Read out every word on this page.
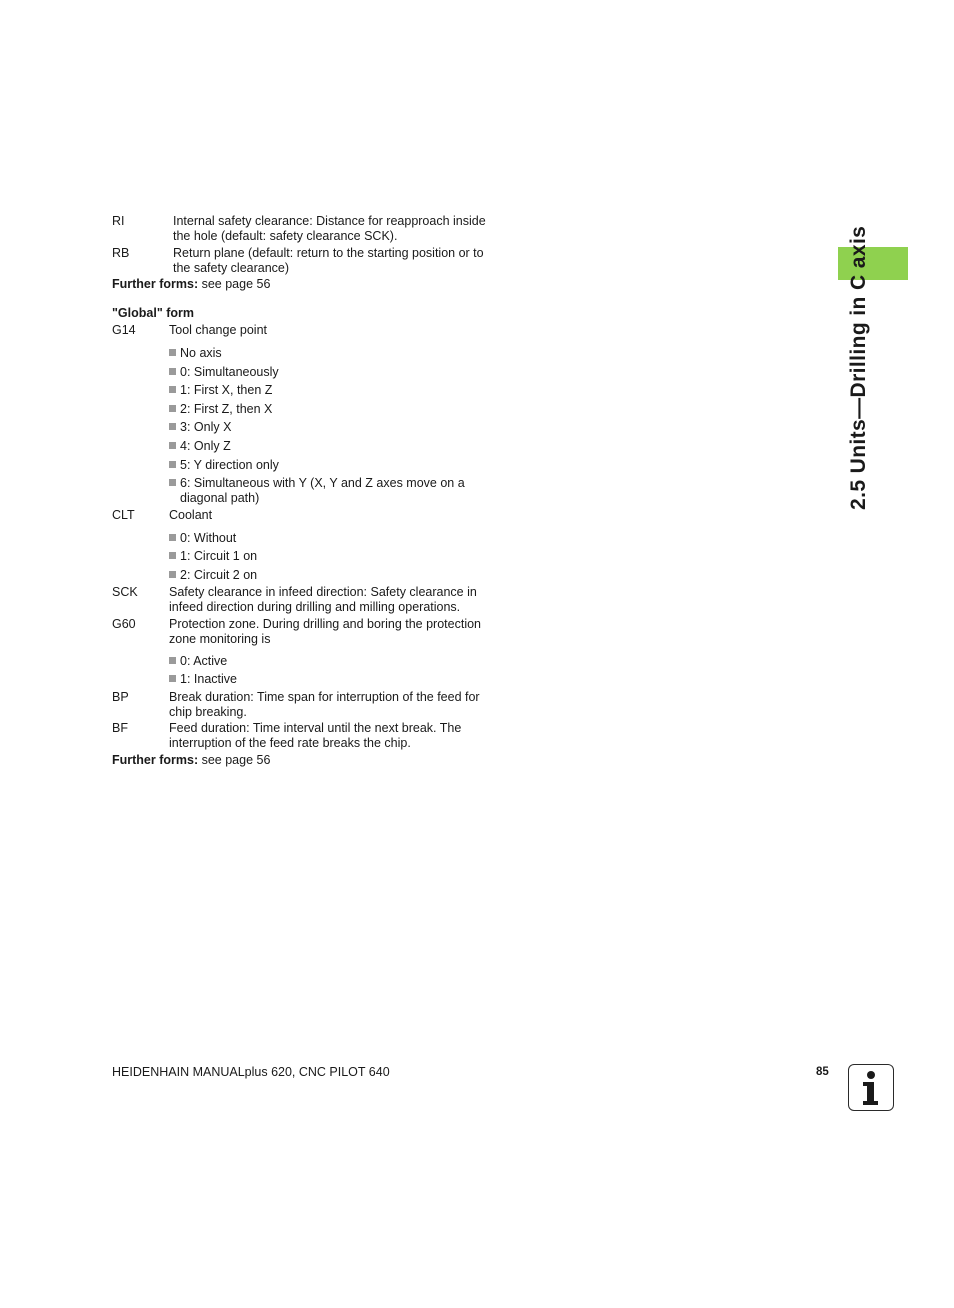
2.5 Units—Drilling in C axis
RI	Internal safety clearance: Distance for reapproach inside the hole (default: safety clearance SCK).
RB	Return plane (default: return to the starting position or to the safety clearance)
Further forms: see page 56
"Global" form
G14	Tool change point
No axis
0: Simultaneously
1: First X, then Z
2: First Z, then X
3: Only X
4: Only Z
5: Y direction only
6: Simultaneous with Y (X, Y and Z axes move on a diagonal path)
CLT	Coolant
0: Without
1: Circuit 1 on
2: Circuit 2 on
SCK	Safety clearance in infeed direction: Safety clearance in infeed direction during drilling and milling operations.
G60	Protection zone. During drilling and boring the protection zone monitoring is
0: Active
1: Inactive
BP	Break duration: Time span for interruption of the feed for chip breaking.
BF	Feed duration: Time interval until the next break. The interruption of the feed rate breaks the chip.
Further forms: see page 56
HEIDENHAIN MANUALplus 620, CNC PILOT 640	85
